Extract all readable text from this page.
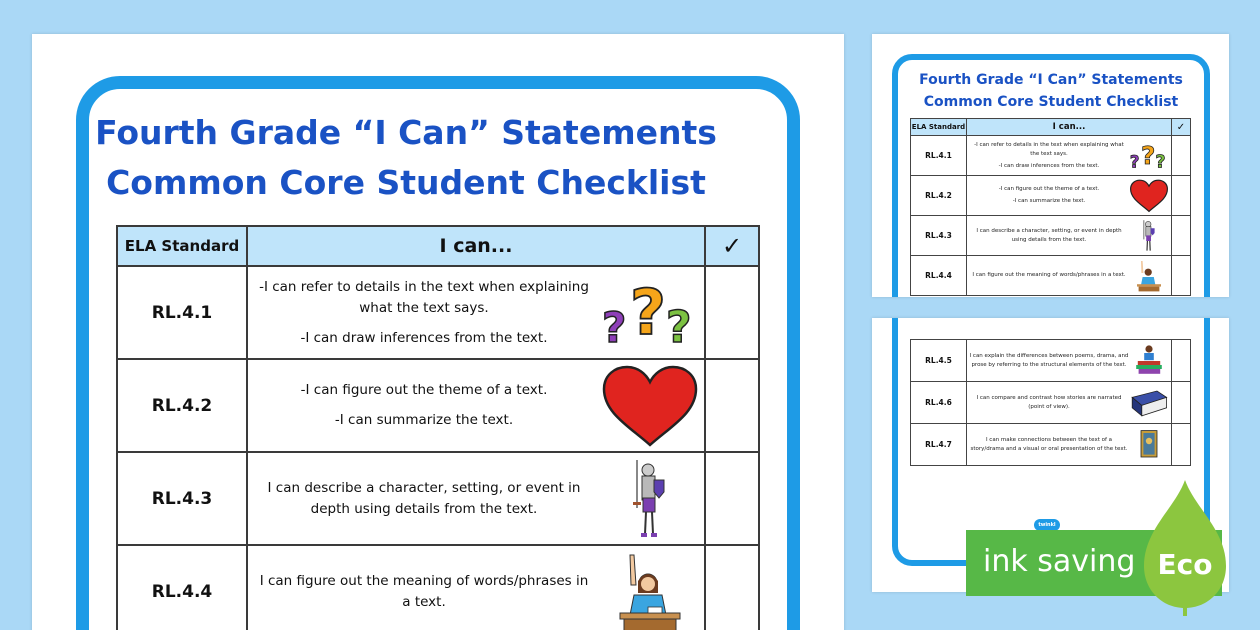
Fourth Grade “I Can” Statements
Common Core Student Checklist
ELA Standard	I can...	✓
RL.4.1	-I can refer to details in the text when explaining what the text says.

-I can draw inferences from the text. ? ? ?	

RL.4.2	-I can figure out the theme of a text.

-I can summarize the text.	

RL.4.3	I can describe a character, setting, or event in depth using details from the text.	

RL.4.4	I can figure out the meaning of words/phrases in a text.	

Fourth Grade “I Can” Statements
Common Core Student Checklist
ELA Standard	I can...	✓
RL.4.1	-I can refer to details in the text when explaining what the text says.

-I can draw inferences from the text. ? ? ?	

RL.4.2	-I can figure out the theme of a text.

-I can summarize the text.	

RL.4.3	I can describe a character, setting, or event in depth using details from the text.	

RL.4.4	I can figure out the meaning of words/phrases in a text.	

RL.4.5	I can explain the differences between poems, drama, and prose by referring to the structural elements of the text.	

RL.4.6	I can compare and contrast how stories are narrated (point of view).	

RL.4.7	I can make connections between the text of a story/drama and a visual or oral presentation of the text.	

twinkl
ink saving Eco
